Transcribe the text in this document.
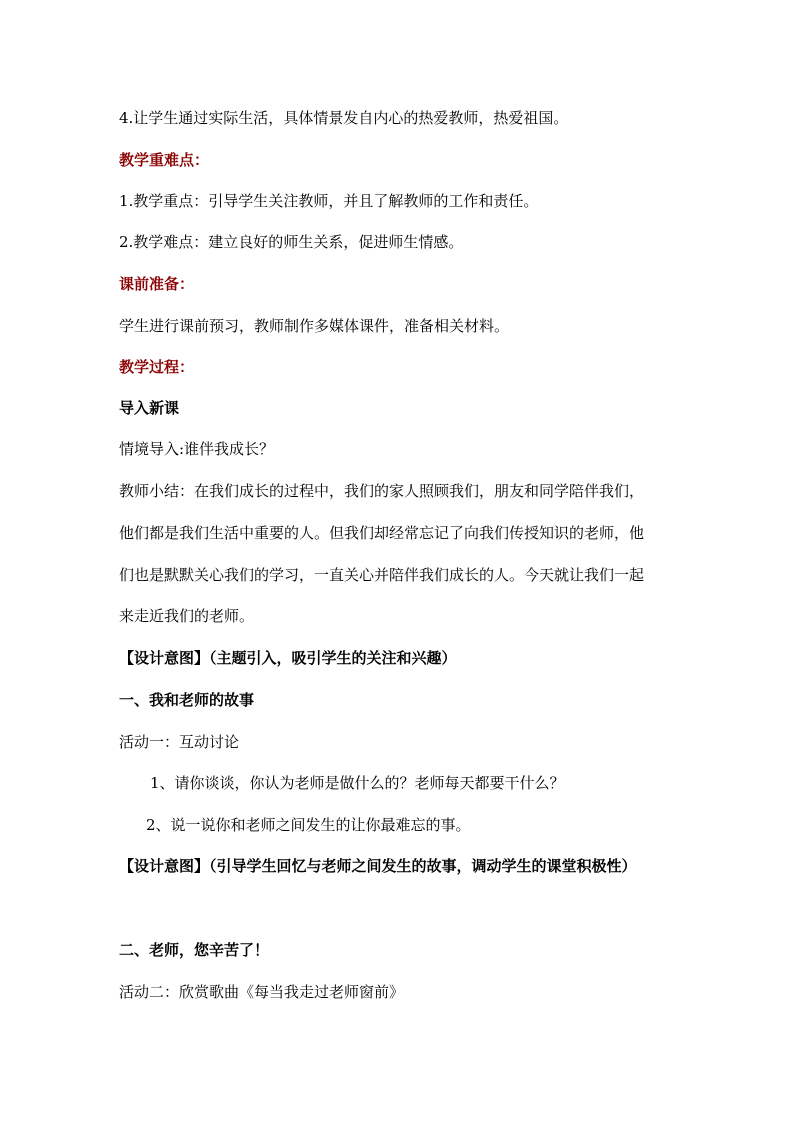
4.让学生通过实际生活，具体情景发自内心的热爱教师，热爱祖国。
教学重难点：
1.教学重点：引导学生关注教师，并且了解教师的工作和责任。
2.教学难点：建立良好的师生关系，促进师生情感。
课前准备：
学生进行课前预习，教师制作多媒体课件，准备相关材料。
教学过程：
导入新课
情境导入:谁伴我成长？
教师小结：在我们成长的过程中，我们的家人照顾我们，朋友和同学陪伴我们，
他们都是我们生活中重要的人。但我们却经常忘记了向我们传授知识的老师，他
们也是默默关心我们的学习，一直关心并陪伴我们成长的人。今天就让我们一起
来走近我们的老师。
【设计意图】（主题引入，吸引学生的关注和兴趣）
一、我和老师的故事
活动一：互动讨论
1、请你谈谈，你认为老师是做什么的？老师每天都要干什么？
2、说一说你和老师之间发生的让你最难忘的事。
【设计意图】（引导学生回忆与老师之间发生的故事，调动学生的课堂积极性）
二、老师，您辛苦了！
活动二：欣赏歌曲《每当我走过老师窗前》
